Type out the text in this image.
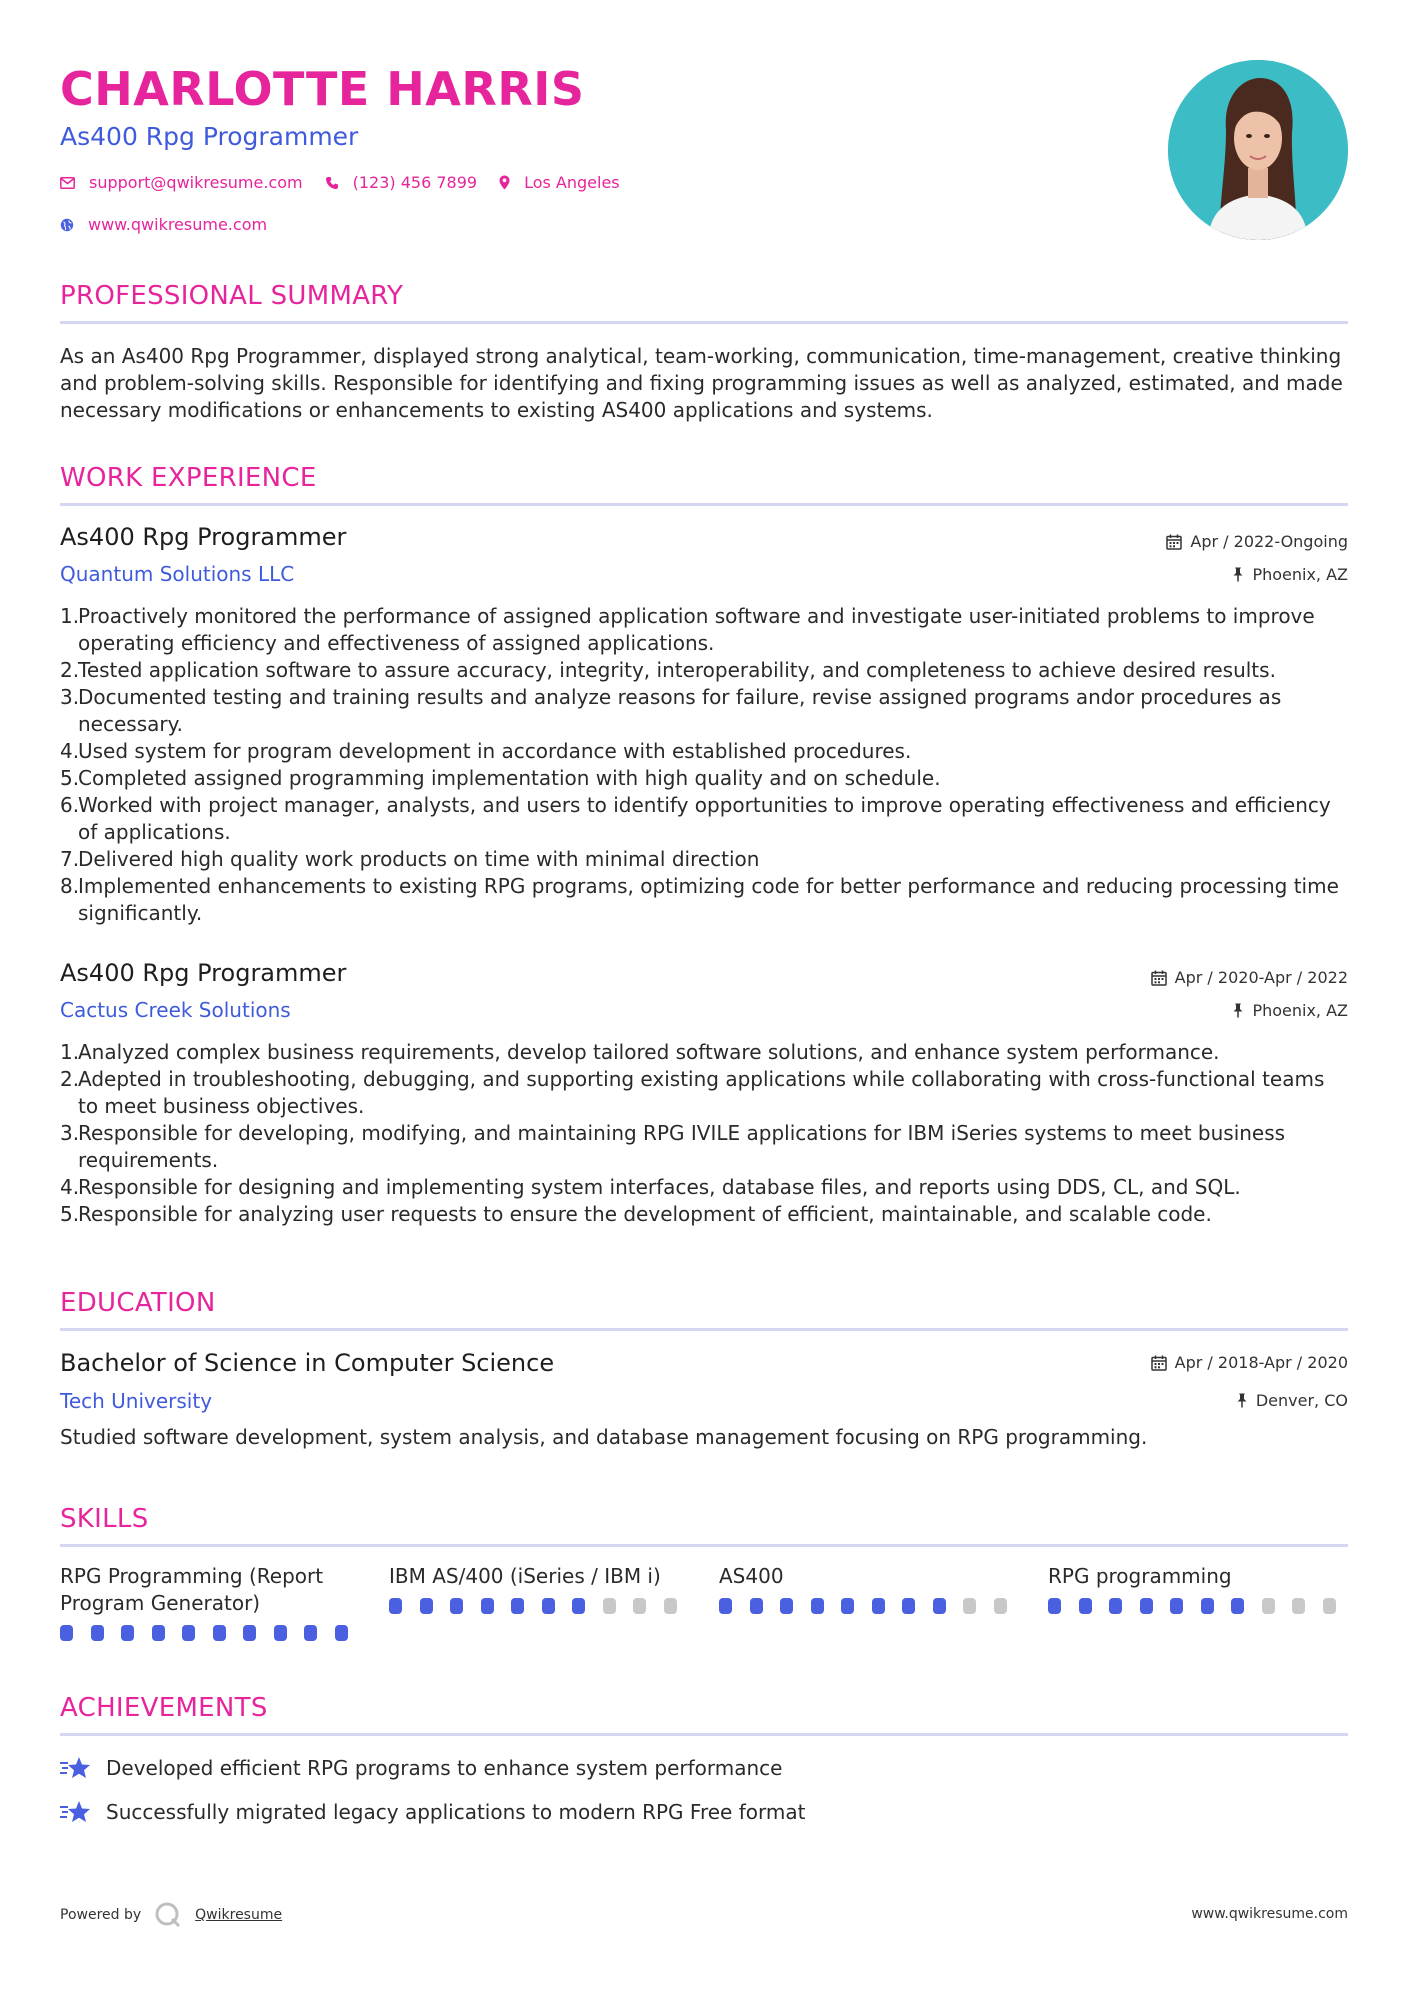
CHARLOTTE HARRIS
As400 Rpg Programmer
support@qwikresume.com	(123) 456 7899	Los Angeles
www.qwikresume.com
PROFESSIONAL SUMMARY
As an As400 Rpg Programmer, displayed strong analytical, team-working, communication, time-management, creative thinking and problem-solving skills. Responsible for identifying and fixing programming issues as well as analyzed, estimated, and made necessary modifications or enhancements to existing AS400 applications and systems.
WORK EXPERIENCE
As400 Rpg Programmer
Quantum Solutions LLC
Apr / 2022-Ongoing
Phoenix, AZ
1.
Proactively monitored the performance of assigned application software and investigate user-initiated problems to improve operating efficiency and effectiveness of assigned applications.
2.
Tested application software to assure accuracy, integrity, interoperability, and completeness to achieve desired results.
3.
Documented testing and training results and analyze reasons for failure, revise assigned programs andor procedures as necessary.
4.
Used system for program development in accordance with established procedures.
5.
Completed assigned programming implementation with high quality and on schedule.
6.
Worked with project manager, analysts, and users to identify opportunities to improve operating effectiveness and efficiency of applications.
7.
Delivered high quality work products on time with minimal direction
8.
Implemented enhancements to existing RPG programs, optimizing code for better performance and reducing processing time significantly.
As400 Rpg Programmer
Cactus Creek Solutions
Apr / 2020-Apr / 2022
Phoenix, AZ
1.
Analyzed complex business requirements, develop tailored software solutions, and enhance system performance.
2.
Adepted in troubleshooting, debugging, and supporting existing applications while collaborating with cross-functional teams to meet business objectives.
3.
Responsible for developing, modifying, and maintaining RPG IVILE applications for IBM iSeries systems to meet business requirements.
4.
Responsible for designing and implementing system interfaces, database files, and reports using DDS, CL, and SQL.
5.
Responsible for analyzing user requests to ensure the development of efficient, maintainable, and scalable code.
EDUCATION
Bachelor of Science in Computer Science
Tech University
Apr / 2018-Apr / 2020
Denver, CO
Studied software development, system analysis, and database management focusing on RPG programming.
SKILLS
RPG Programming (Report Program Generator)
IBM AS/400 (iSeries / IBM i)	AS400	RPG programming
ACHIEVEMENTS
Developed efficient RPG programs to enhance system performance
Successfully migrated legacy applications to modern RPG Free format
Powered by	Qwikresume	www.qwikresume.com
